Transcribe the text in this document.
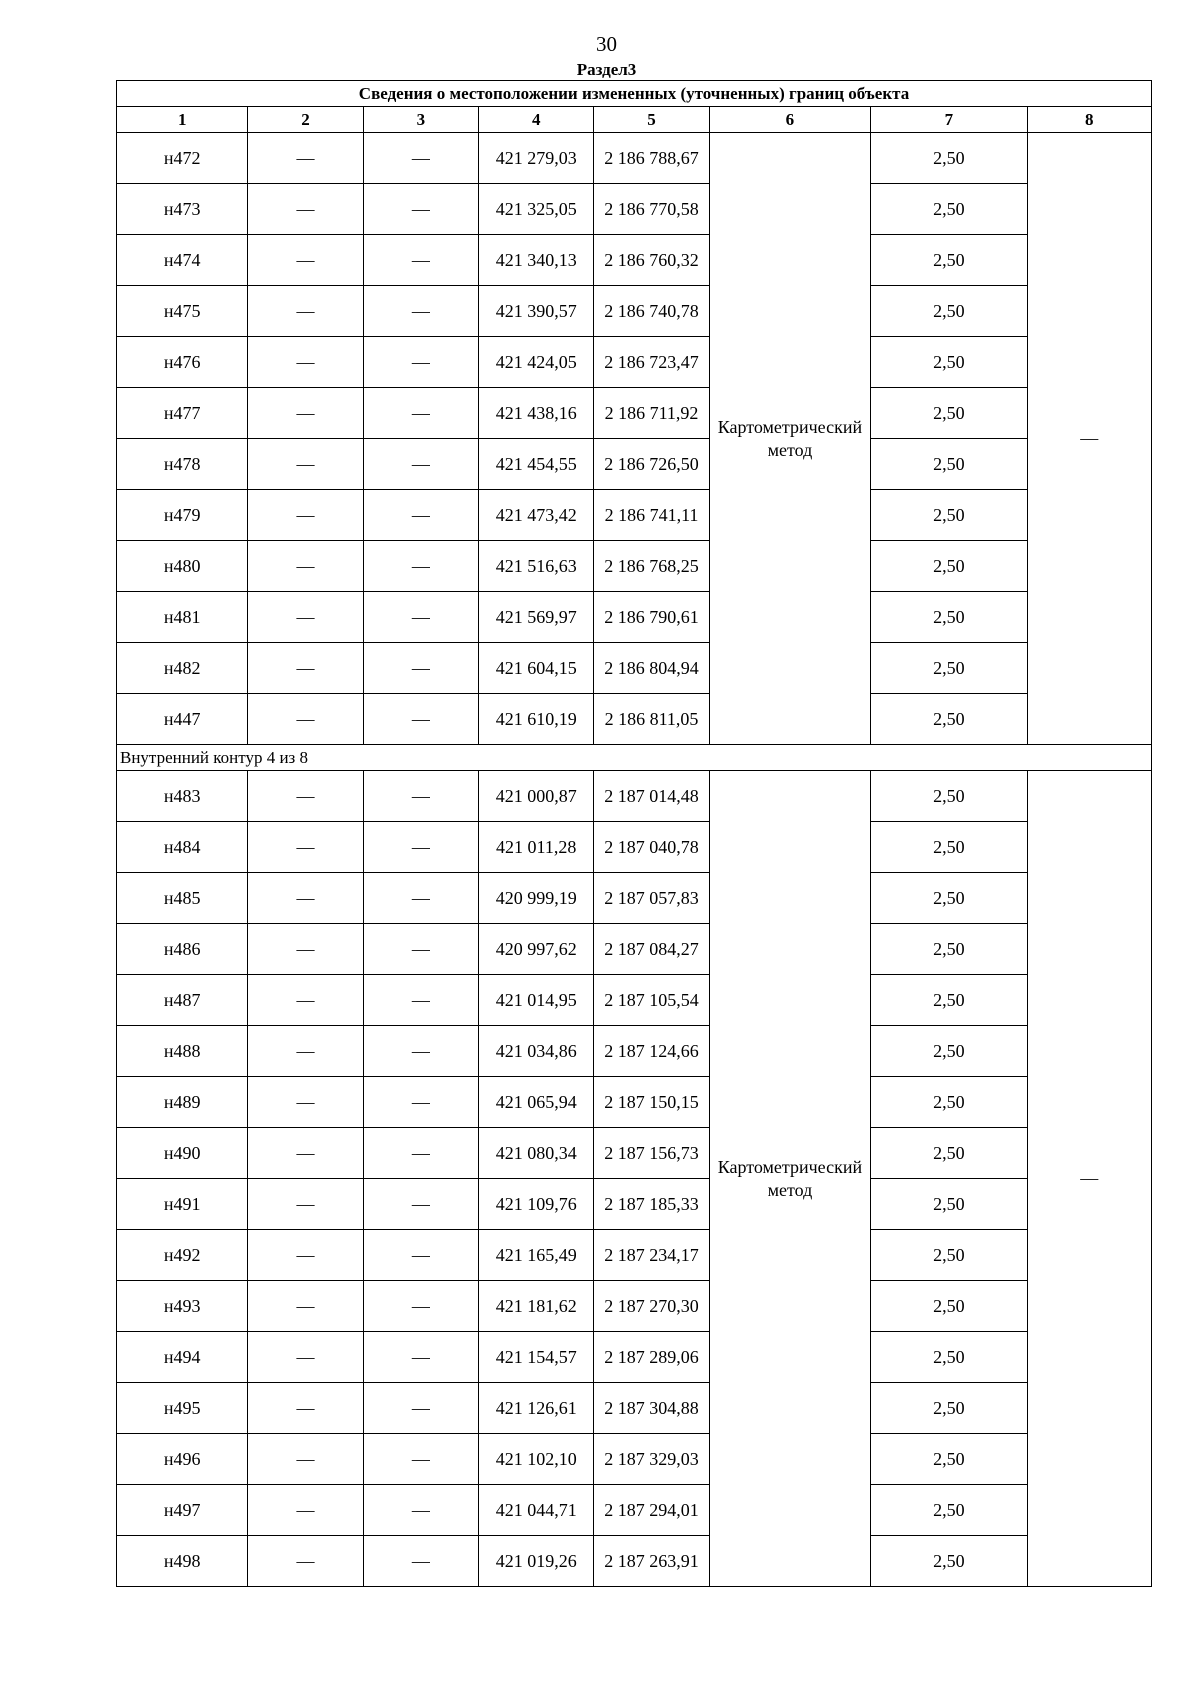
30
Раздел3
Сведения о местоположении измененных (уточненных) границ объекта							
1	2	3	4	5	6	7	8
н472	—	—	421 279,03	2 186 788,67	Картометрический метод	2,50	—
н473	—	—	421 325,05	2 186 770,58		2,50	
н474	—	—	421 340,13	2 186 760,32		2,50	
н475	—	—	421 390,57	2 186 740,78		2,50	
н476	—	—	421 424,05	2 186 723,47		2,50	
н477	—	—	421 438,16	2 186 711,92		2,50	
н478	—	—	421 454,55	2 186 726,50		2,50	
н479	—	—	421 473,42	2 186 741,11		2,50	
н480	—	—	421 516,63	2 186 768,25		2,50	
н481	—	—	421 569,97	2 186 790,61		2,50	
н482	—	—	421 604,15	2 186 804,94		2,50	
н447	—	—	421 610,19	2 186 811,05		2,50	
Внутренний контур 4 из 8							
н483	—	—	421 000,87	2 187 014,48	Картометрический метод	2,50	—
н484	—	—	421 011,28	2 187 040,78		2,50	
н485	—	—	420 999,19	2 187 057,83		2,50	
н486	—	—	420 997,62	2 187 084,27		2,50	
н487	—	—	421 014,95	2 187 105,54		2,50	
н488	—	—	421 034,86	2 187 124,66		2,50	
н489	—	—	421 065,94	2 187 150,15		2,50	
н490	—	—	421 080,34	2 187 156,73		2,50	
н491	—	—	421 109,76	2 187 185,33		2,50	
н492	—	—	421 165,49	2 187 234,17		2,50	
н493	—	—	421 181,62	2 187 270,30		2,50	
н494	—	—	421 154,57	2 187 289,06		2,50	
н495	—	—	421 126,61	2 187 304,88		2,50	
н496	—	—	421 102,10	2 187 329,03		2,50	
н497	—	—	421 044,71	2 187 294,01		2,50	
н498	—	—	421 019,26	2 187 263,91		2,50	
